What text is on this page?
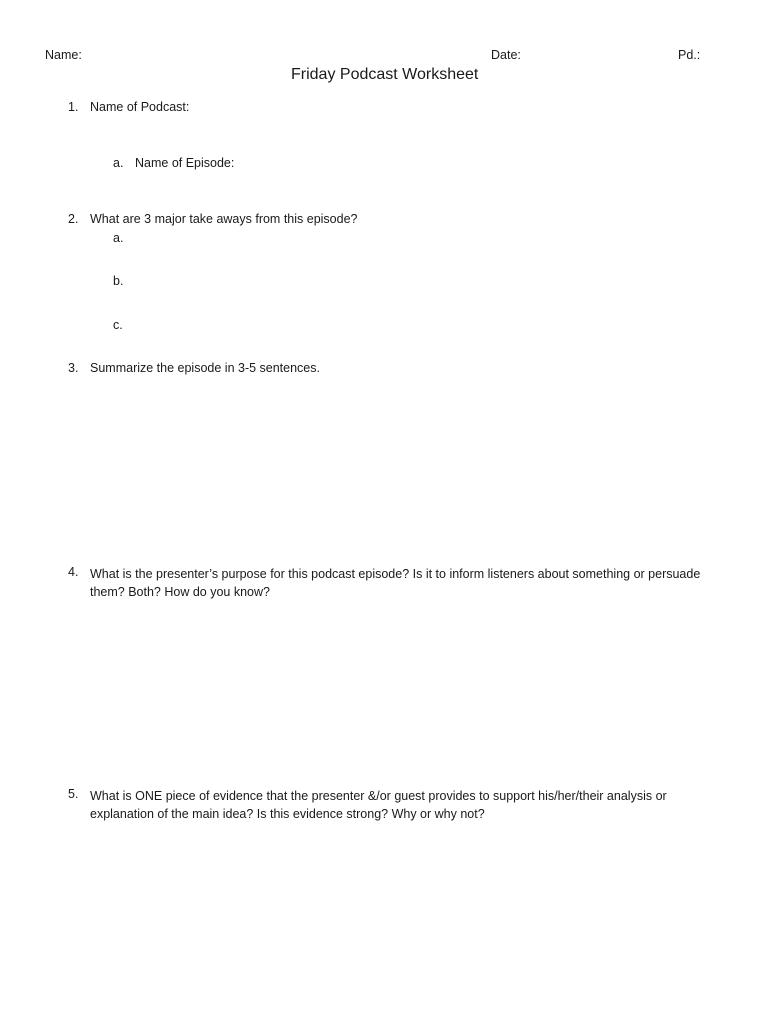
Name:	Date:	Pd.:
Friday Podcast Worksheet
1. Name of Podcast:
a. Name of Episode:
2. What are 3 major take aways from this episode?
a.
b.
c.
3. Summarize the episode in 3-5 sentences.
4. What is the presenter’s purpose for this podcast episode? Is it to inform listeners about something or persuade them? Both? How do you know?
5. What is ONE piece of evidence that the presenter &/or guest provides to support his/her/their analysis or explanation of the main idea? Is this evidence strong? Why or why not?
